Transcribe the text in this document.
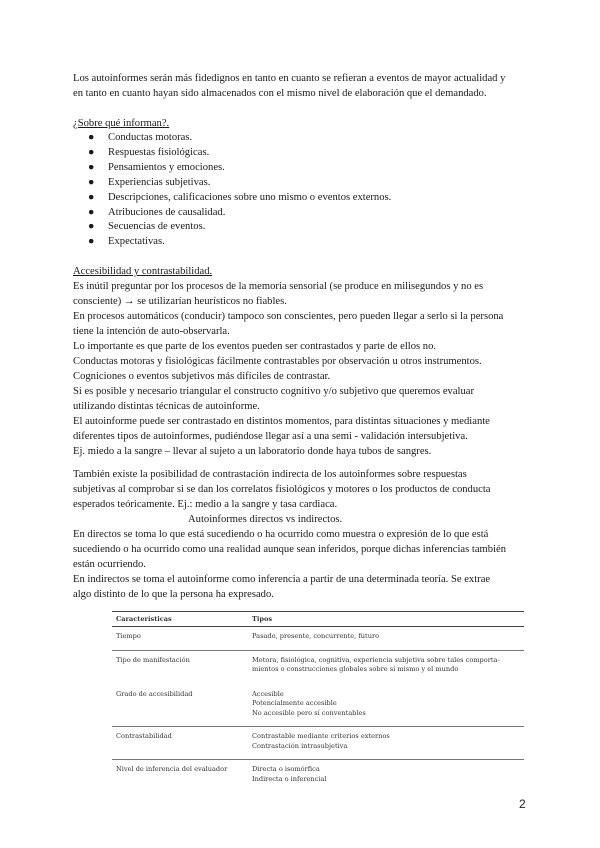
Los autoinformes serán más fidedignos en tanto en cuanto se refieran a eventos de mayor actualidad y
en tanto en cuanto hayan sido almacenados con el mismo nivel de elaboración que el demandado.

¿Sobre qué informan?.

● Conductas motoras.
● Respuestas fisiológicas.
● Pensamientos y emociones.
● Experiencias subjetivas.
● Descripciones, calificaciones sobre uno mismo o eventos externos.
● Atribuciones de causalidad.
● Secuencias de eventos.
● Expectativas.

Accesibilidad y contrastabilidad.

Es inútil preguntar por los procesos de la memoria sensorial (se produce en milisegundos y no es
consciente) → se utilizarían heurísticos no fiables.
En procesos automáticos (conducir) tampoco son conscientes, pero pueden llegar a serlo si la persona
tiene la intención de auto-observarla.
Lo importante es que parte de los eventos pueden ser contrastados y parte de ellos no.
Conductas motoras y fisiológicas fácilmente contrastables por observación u otros instrumentos.
Cogniciones o eventos subjetivos más difíciles de contrastar.
Sí es posible y necesario triangular el constructo cognitivo y/o subjetivo que queremos evaluar
utilizando distintas técnicas de autoinforme.
El autoinforme puede ser contrastado en distintos momentos, para distintas situaciones y mediante
diferentes tipos de autoinformes, pudiéndose llegar así a una semi - validación intersubjetiva.
Ej. miedo a la sangre – llevar al sujeto a un laboratorio donde haya tubos de sangres.

También existe la posibilidad de contrastación indirecta de los autoinformes sobre respuestas
subjetivas al comprobar si se dan los correlatos fisiológicos y motores o los productos de conducta
esperados teóricamente. Ej.: medio a la sangre y tasa cardiaca.

Autoinformes directos vs indirectos.

En directos se toma lo que está sucediendo o ha ocurrido como muestra o expresión de lo que está
sucediendo o ha ocurrido como una realidad aunque sean inferidos, porque dichas inferencias también
están ocurriendo.
En indirectos se toma el autoinforme como inferencia a partir de una determinada teoría. Se extrae
algo distinto de lo que la persona ha expresado.

Características	Tipos
Tiempo	Pasado, presente, concurrente, futuro

Tipo de manifestación	Motora, fisiológica, cognitiva, experiencia subjetiva sobre tales comporta-
mientos o construcciones globales sobre sí mismo y el mundo

Grado de accesibilidad	Accesible
Potencialmente accesible
No accesible pero sí conventables

Contrastabilidad	Contrastable mediante criterios externos
Contrastación intrasubjetiva

Nivel de inferencia del evaluador	Directa o isomórfica
Indirecta o inferencial
2
